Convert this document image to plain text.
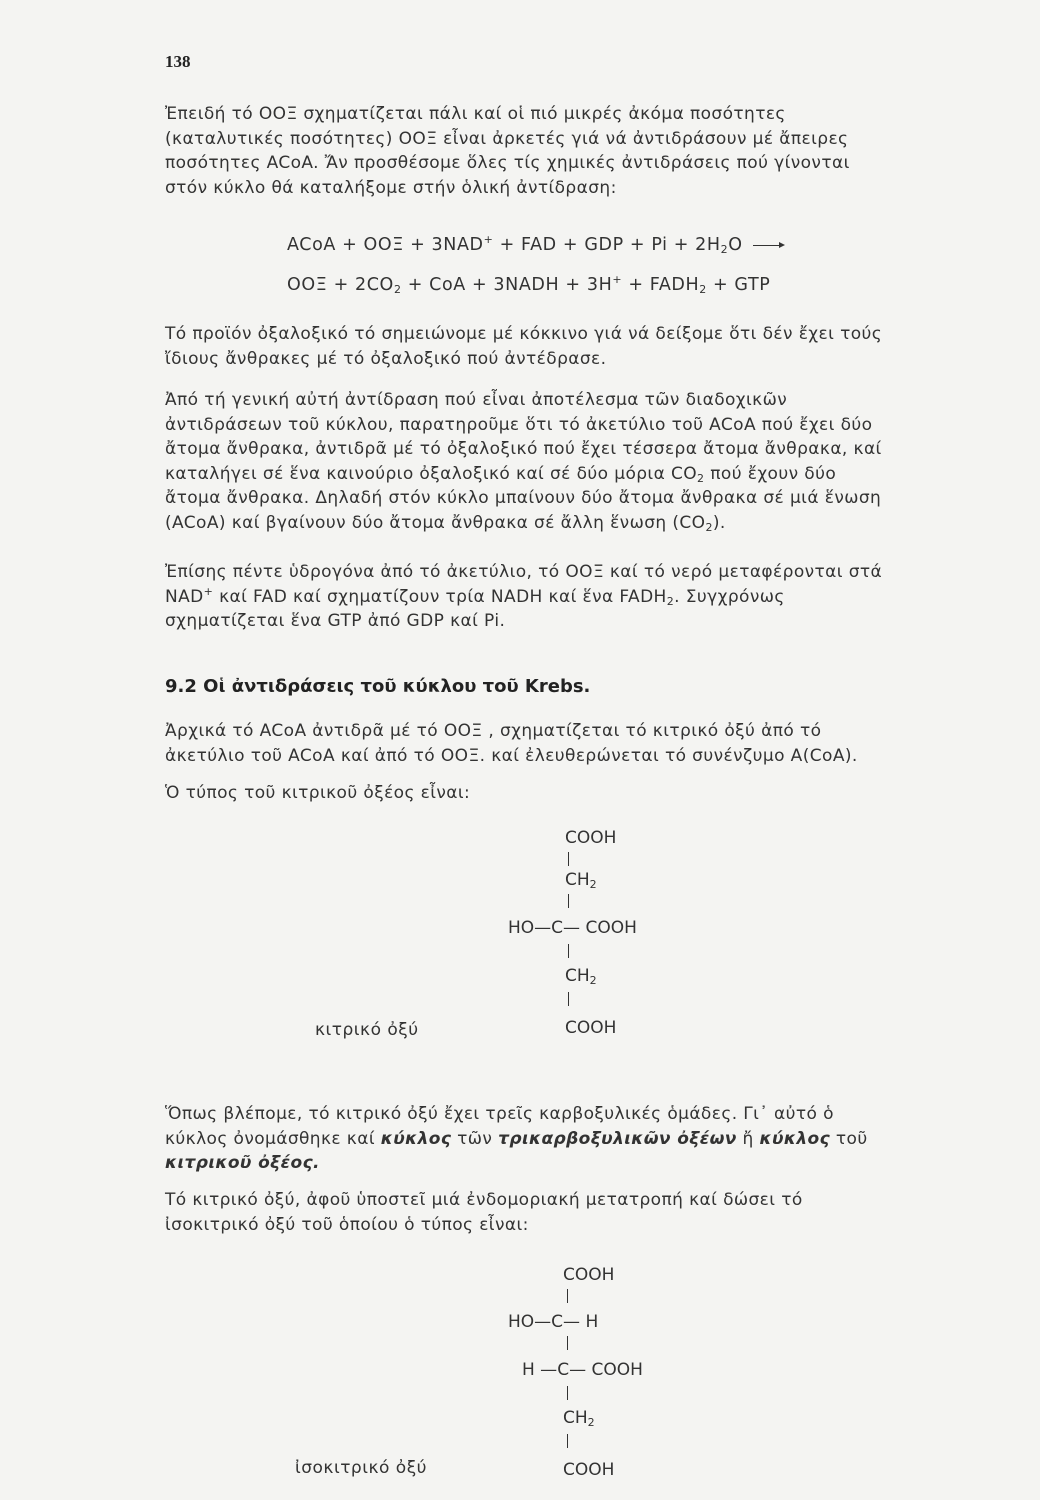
138

Ἐπειδή τό ΟΟΞ σχηματίζεται πάλι καί οἱ πιό μικρές ἀκόμα ποσότητες (καταλυτικές ποσότητες) ΟΟΞ εἶναι ἀρκετές γιά νά ἀντιδράσουν μέ ἄπειρες ποσότητες ACoA. Ἄν προσθέσομε ὅλες τίς χημικές ἀντιδράσεις πού γίνονται στόν κύκλο θά καταλήξομε στήν ὁλική ἀντίδραση:

ACoA + ΟΟΞ + 3NAD+ + FAD + GDP + $Pi + 2H_2O$ →
$OO\Xi + 2CO_2$ + CoA + 3NADH + $3H^+ + FADH_2$ + GTP

Τό προϊόν ὀξαλοξικό τό σημειώνομε μέ κόκκινο γιά νά δείξομε ὅτι δέν ἔχει τούς ἴδιους ἄνθρακες μέ τό ὀξαλοξικό πού ἀντέδρασε.

Ἀπό τή γενική αὐτή ἀντίδραση πού εἶναι ἀποτέλεσμα τῶν διαδοχικῶν ἀντιδράσεων τοῦ κύκλου, παρατηροῦμε ὅτι τό ἀκετύλιο τοῦ ACoA πού ἔχει δύο ἄτομα ἄνθρακα, ἀντιδρᾶ μέ τό ὀξαλοξικό πού ἔχει τέσσερα ἄτομα ἄνθρακα, καί καταλήγει σέ ἕνα καινούριο ὀξαλοξικό καί σέ δύο μόρια $CO_2$ πού ἔχουν δύο ἄτομα ἄνθρακα. Δηλαδή στόν κύκλο μπαίνουν δύο ἄτομα ἄνθρακα σέ μιά ἕνωση (ACoA) καί βγαίνουν δύο ἄτομα ἄνθρακα σέ ἄλλη ἕνωση $(CO_2)$.

Ἐπίσης πέντε ὑδρογόνα ἀπό τό ἀκετύλιο, τό ΟΟΞ καί τό νερό μεταφέρονται στά NAD+ καί FAD καί σχηματίζουν τρία NADH καί ἕνα $FADH_2$. Συγχρόνως σχηματίζεται ἕνα GTP ἀπό GDP καί Pi.

9.2 Οἱ ἀντιδράσεις τοῦ κύκλου τοῦ Krebs.

Ἀρχικά τό ACoA ἀντιδρᾶ μέ τό ΟΟΞ , σχηματίζεται τό κιτρικό ὀξύ ἀπό τό ἀκετύλιο τοῦ ACoA καί ἀπό τό ΟΟΞ. καί ἐλευθερώνεται τό συνένζυμο A(CoA).

Ὁ τύπος τοῦ κιτρικοῦ ὀξέος εἶναι:

COOH
$CH_2$
HO—C— COOH
$CH_2$
COOH
κιτρικό ὀξύ

Ὅπως βλέπομε, τό κιτρικό ὀξύ ἔχει τρεῖς καρβοξυλικές ὁμάδες. Γι᾽ αὐτό ὁ κύκλος ὀνομάσθηκε καί κύκλος τῶν τρικαρβοξυλικῶν ὀξέων ἤ κύκλος τοῦ κιτρικοῦ ὀξέος.

Τό κιτρικό ὀξύ, ἀφοῦ ὑποστεῖ μιά ἐνδομοριακή μετατροπή καί δώσει τό ἰσοκιτρικό ὀξύ τοῦ ὁποίου ὁ τύπος εἶναι:

COOH
HO—C— H
H —C— COOH
$CH_2$
COOH
ἰσοκιτρικό ὀξύ
